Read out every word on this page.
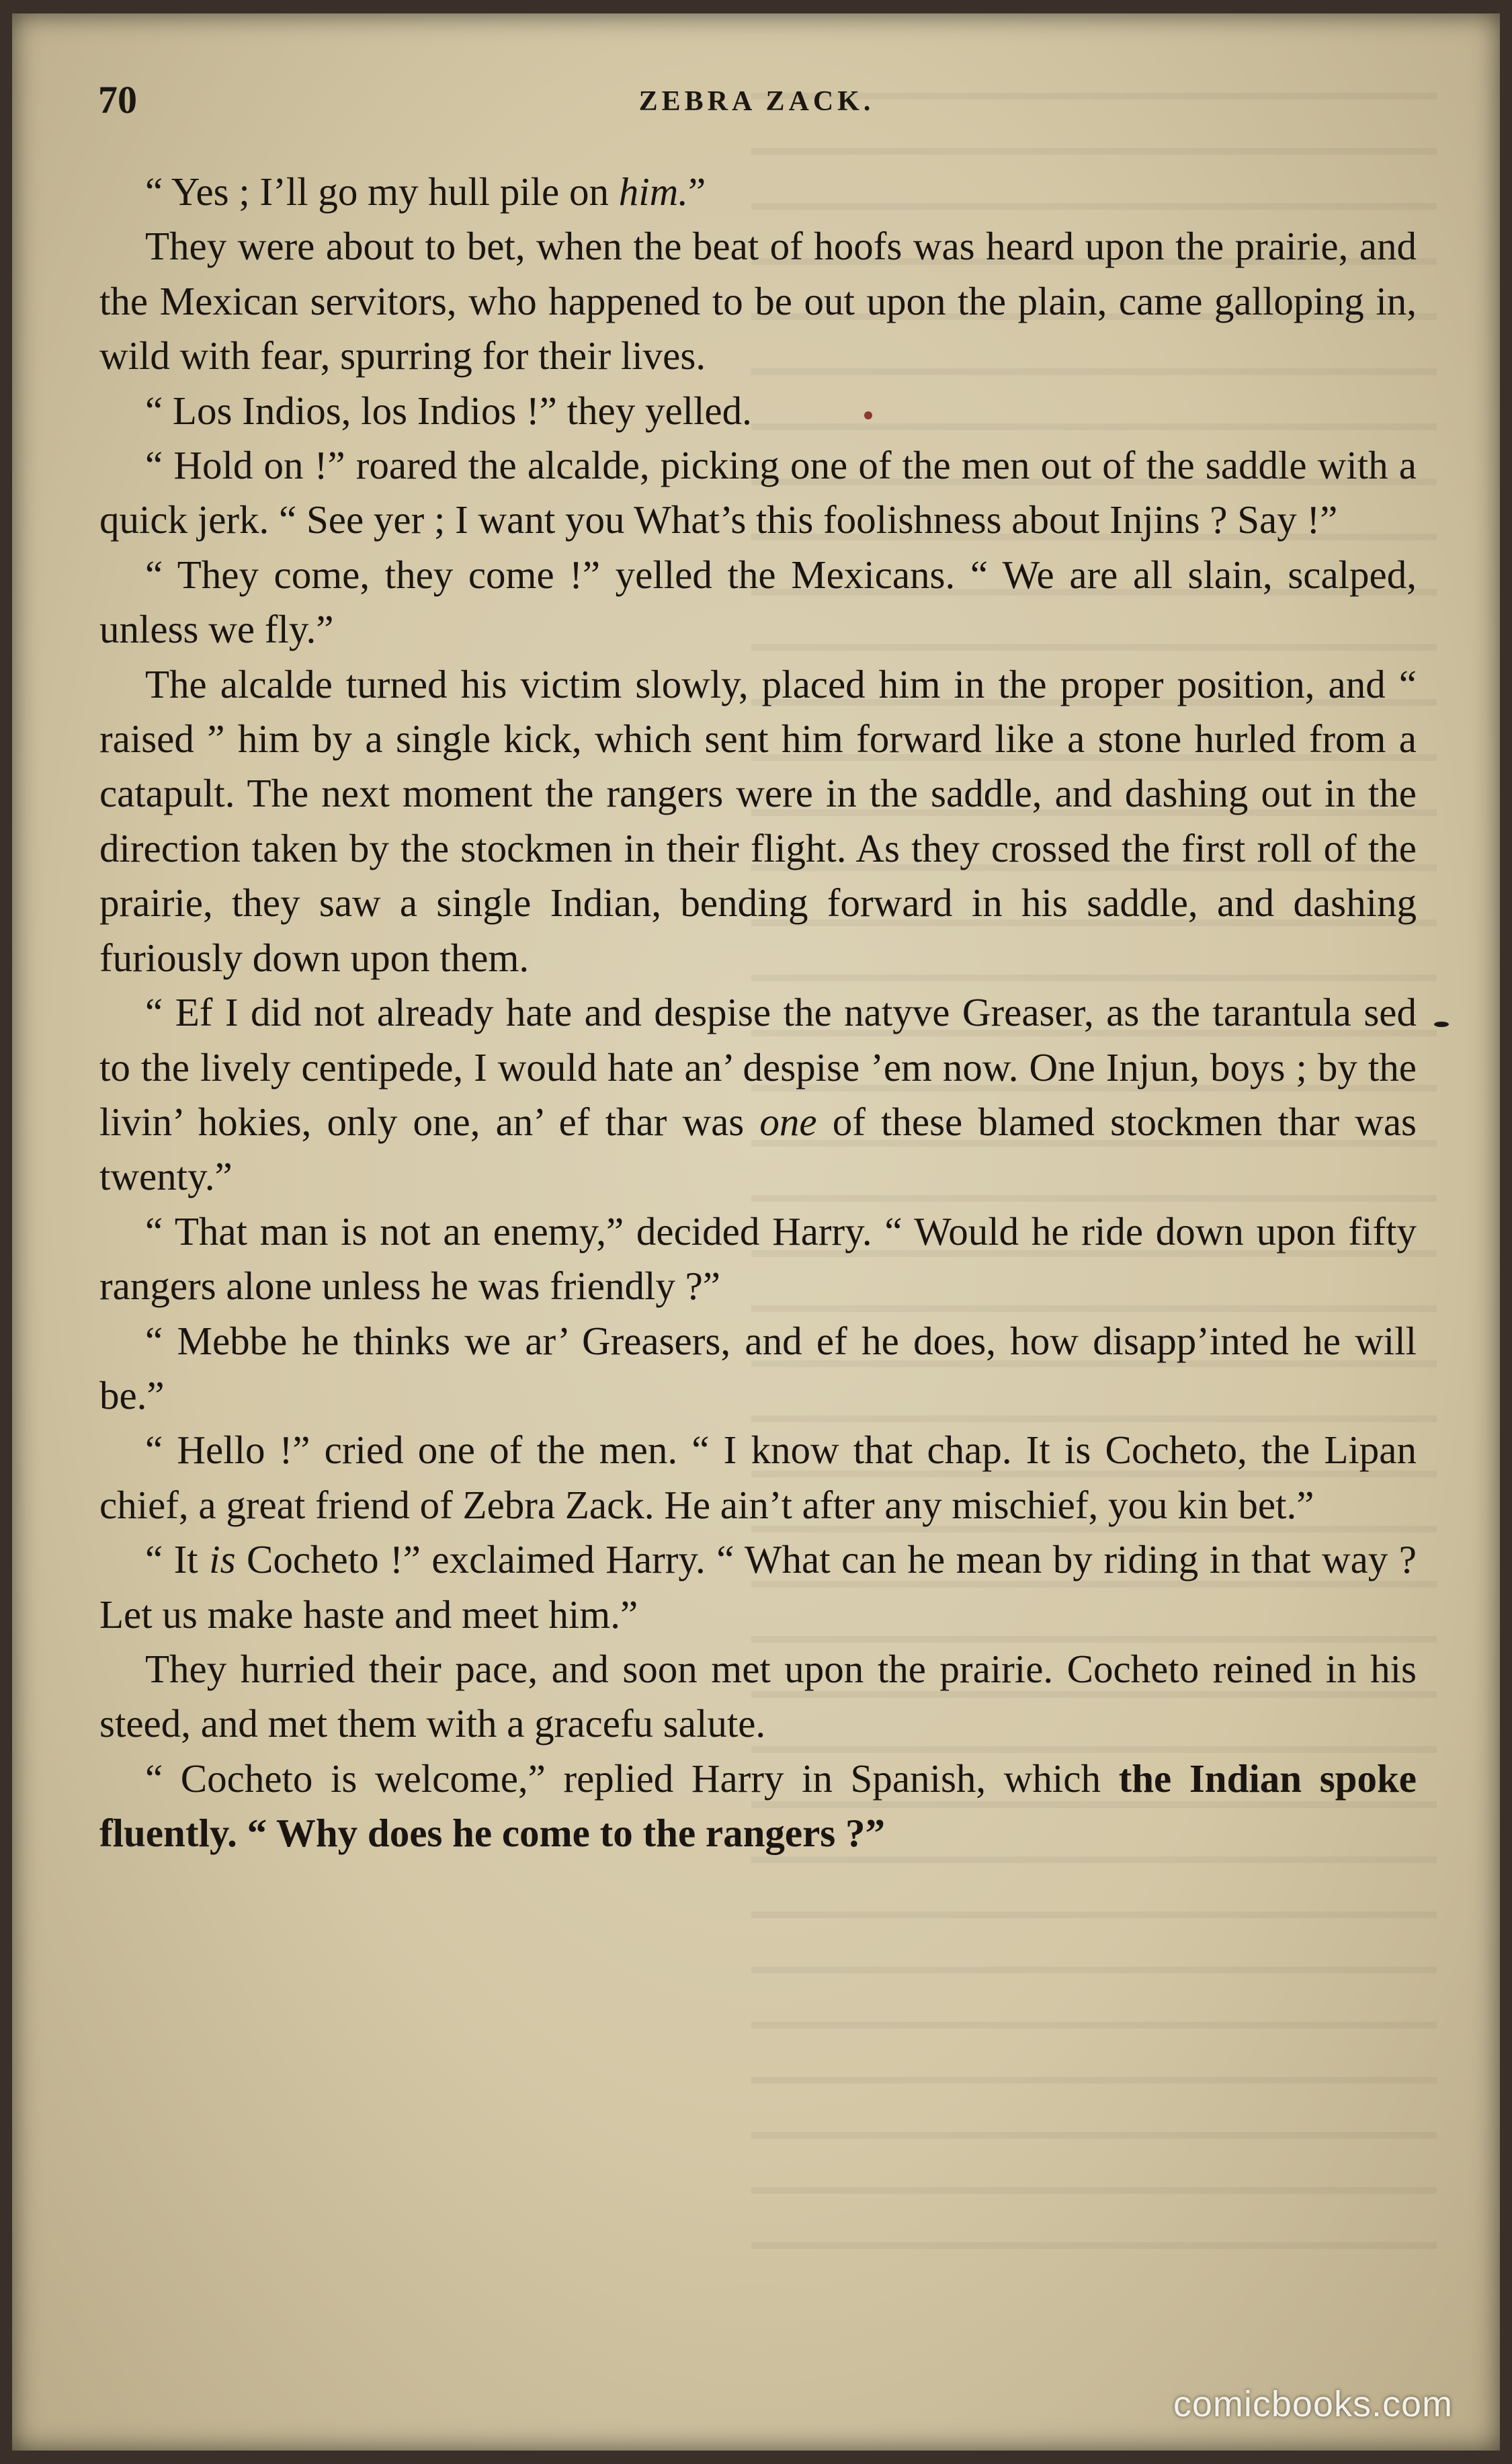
70	ZEBRA ZACK.

“ Yes ; I’ll go my hull pile on him.”

They were about to bet, when the beat of hoofs was heard upon the prairie, and the Mexican servitors, who happened to be out upon the plain, came galloping in, wild with fear, spurring for their lives.

“ Los Indios, los Indios !” they yelled.

“ Hold on !” roared the alcalde, picking one of the men out of the saddle with a quick jerk. “ See yer ; I want you What’s this foolishness about Injins ? Say !”

“ They come, they come !” yelled the Mexicans. “ We are all slain, scalped, unless we fly.”

The alcalde turned his victim slowly, placed him in the proper position, and “ raised ” him by a single kick, which sent him forward like a stone hurled from a catapult. The next moment the rangers were in the saddle, and dashing out in the direction taken by the stockmen in their flight. As they crossed the first roll of the prairie, they saw a single Indian, bending forward in his saddle, and dashing furiously down upon them.

“ Ef I did not already hate and despise the natyve Greaser, as the tarantula sed to the lively centipede, I would hate an’ despise ’em now. One Injun, boys ; by the livin’ hokies, only one, an’ ef thar was one of these blamed stockmen thar was twenty.”

“ That man is not an enemy,” decided Harry. “ Would he ride down upon fifty rangers alone unless he was friendly ?”

“ Mebbe he thinks we ar’ Greasers, and ef he does, how disapp’inted he will be.”

“ Hello !” cried one of the men. “ I know that chap. It is Cocheto, the Lipan chief, a great friend of Zebra Zack. He ain’t after any mischief, you kin bet.”

“ It is Cocheto !” exclaimed Harry. “ What can he mean by riding in that way ? Let us make haste and meet him.”

They hurried their pace, and soon met upon the prairie. Cocheto reined in his steed, and met them with a gracefu salute.

“ Cocheto is welcome,” replied Harry in Spanish, which the Indian spoke fluently. “ Why does he come to the rangers ?”

comicbooks.com
